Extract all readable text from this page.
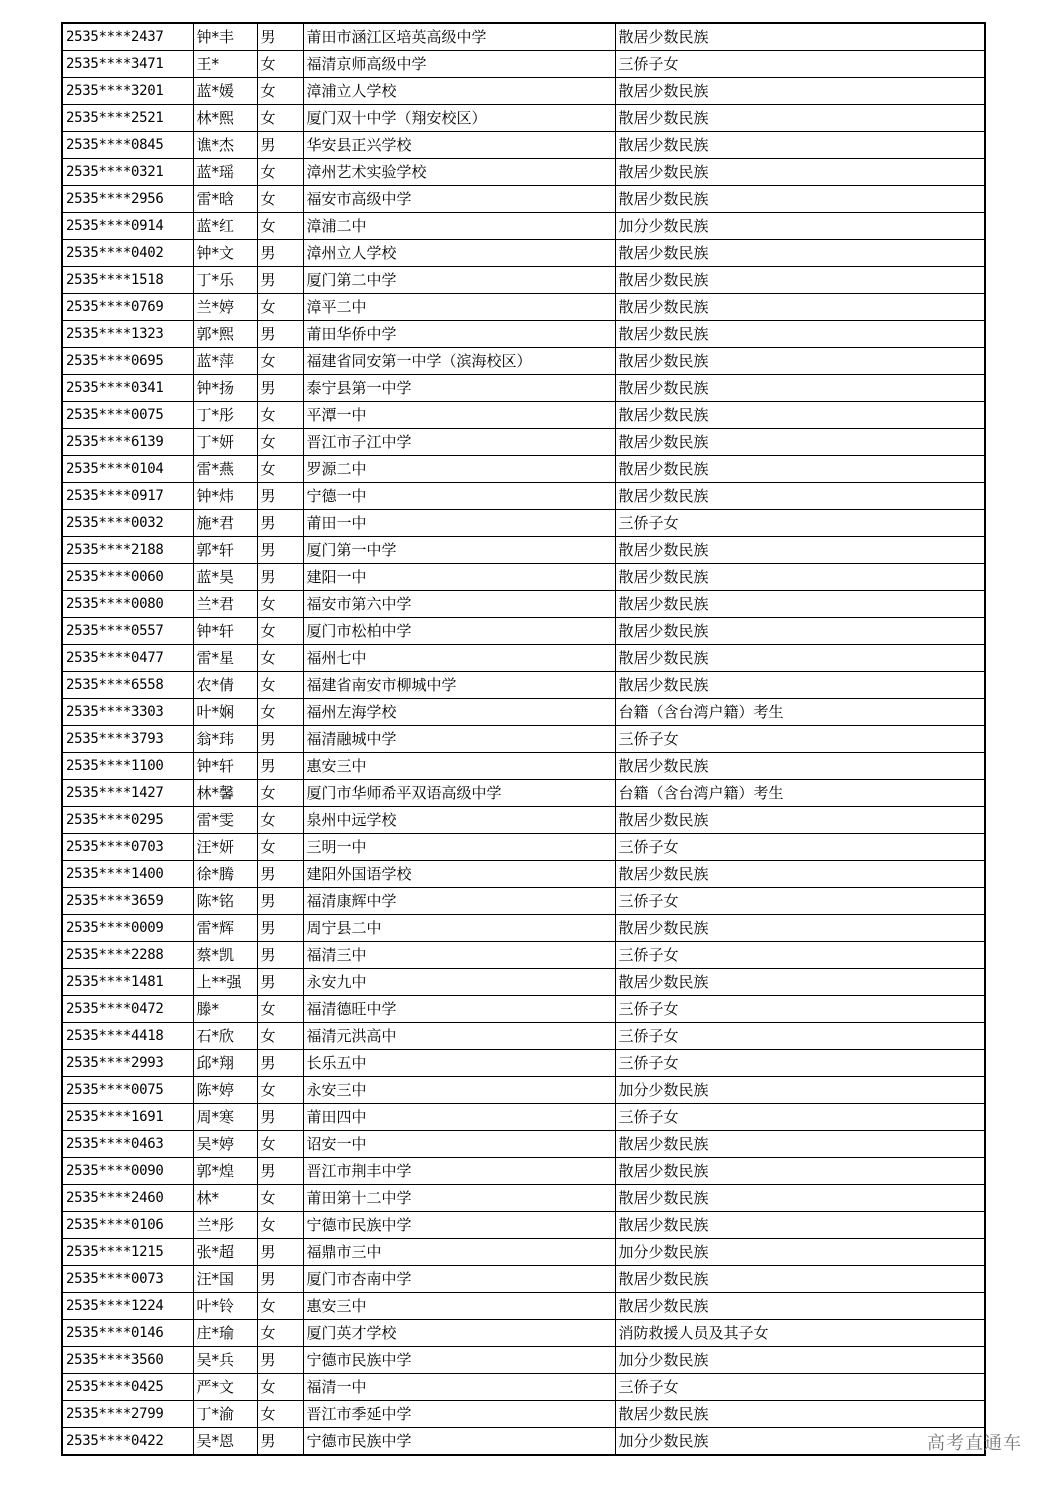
2535****2437	钟*丰	男	莆田市涵江区培英高级中学	散居少数民族
2535****3471	王*	女	福清京师高级中学	三侨子女
2535****3201	蓝*媛	女	漳浦立人学校	散居少数民族
2535****2521	林*熙	女	厦门双十中学（翔安校区）	散居少数民族
2535****0845	谯*杰	男	华安县正兴学校	散居少数民族
2535****0321	蓝*瑶	女	漳州艺术实验学校	散居少数民族
2535****2956	雷*晗	女	福安市高级中学	散居少数民族
2535****0914	蓝*红	女	漳浦二中	加分少数民族
2535****0402	钟*文	男	漳州立人学校	散居少数民族
2535****1518	丁*乐	男	厦门第二中学	散居少数民族
2535****0769	兰*婷	女	漳平二中	散居少数民族
2535****1323	郭*熙	男	莆田华侨中学	散居少数民族
2535****0695	蓝*萍	女	福建省同安第一中学（滨海校区）	散居少数民族
2535****0341	钟*扬	男	泰宁县第一中学	散居少数民族
2535****0075	丁*彤	女	平潭一中	散居少数民族
2535****6139	丁*妍	女	晋江市子江中学	散居少数民族
2535****0104	雷*燕	女	罗源二中	散居少数民族
2535****0917	钟*炜	男	宁德一中	散居少数民族
2535****0032	施*君	男	莆田一中	三侨子女
2535****2188	郭*轩	男	厦门第一中学	散居少数民族
2535****0060	蓝*昊	男	建阳一中	散居少数民族
2535****0080	兰*君	女	福安市第六中学	散居少数民族
2535****0557	钟*轩	女	厦门市松柏中学	散居少数民族
2535****0477	雷*星	女	福州七中	散居少数民族
2535****6558	农*倩	女	福建省南安市柳城中学	散居少数民族
2535****3303	叶*娴	女	福州左海学校	台籍（含台湾户籍）考生
2535****3793	翁*玮	男	福清融城中学	三侨子女
2535****1100	钟*轩	男	惠安三中	散居少数民族
2535****1427	林*馨	女	厦门市华师希平双语高级中学	台籍（含台湾户籍）考生
2535****0295	雷*雯	女	泉州中远学校	散居少数民族
2535****0703	汪*妍	女	三明一中	三侨子女
2535****1400	徐*腾	男	建阳外国语学校	散居少数民族
2535****3659	陈*铭	男	福清康辉中学	三侨子女
2535****0009	雷*辉	男	周宁县二中	散居少数民族
2535****2288	蔡*凯	男	福清三中	三侨子女
2535****1481	上**强	男	永安九中	散居少数民族
2535****0472	滕*	女	福清德旺中学	三侨子女
2535****4418	石*欣	女	福清元洪高中	三侨子女
2535****2993	邱*翔	男	长乐五中	三侨子女
2535****0075	陈*婷	女	永安三中	加分少数民族
2535****1691	周*寒	男	莆田四中	三侨子女
2535****0463	吴*婷	女	诏安一中	散居少数民族
2535****0090	郭*煌	男	晋江市荆丰中学	散居少数民族
2535****2460	林*	女	莆田第十二中学	散居少数民族
2535****0106	兰*彤	女	宁德市民族中学	散居少数民族
2535****1215	张*超	男	福鼎市三中	加分少数民族
2535****0073	汪*国	男	厦门市杏南中学	散居少数民族
2535****1224	叶*铃	女	惠安三中	散居少数民族
2535****0146	庄*瑜	女	厦门英才学校	消防救援人员及其子女
2535****3560	吴*兵	男	宁德市民族中学	加分少数民族
2535****0425	严*文	女	福清一中	三侨子女
2535****2799	丁*渝	女	晋江市季延中学	散居少数民族
2535****0422	吴*恩	男	宁德市民族中学	加分少数民族	高考直通车
